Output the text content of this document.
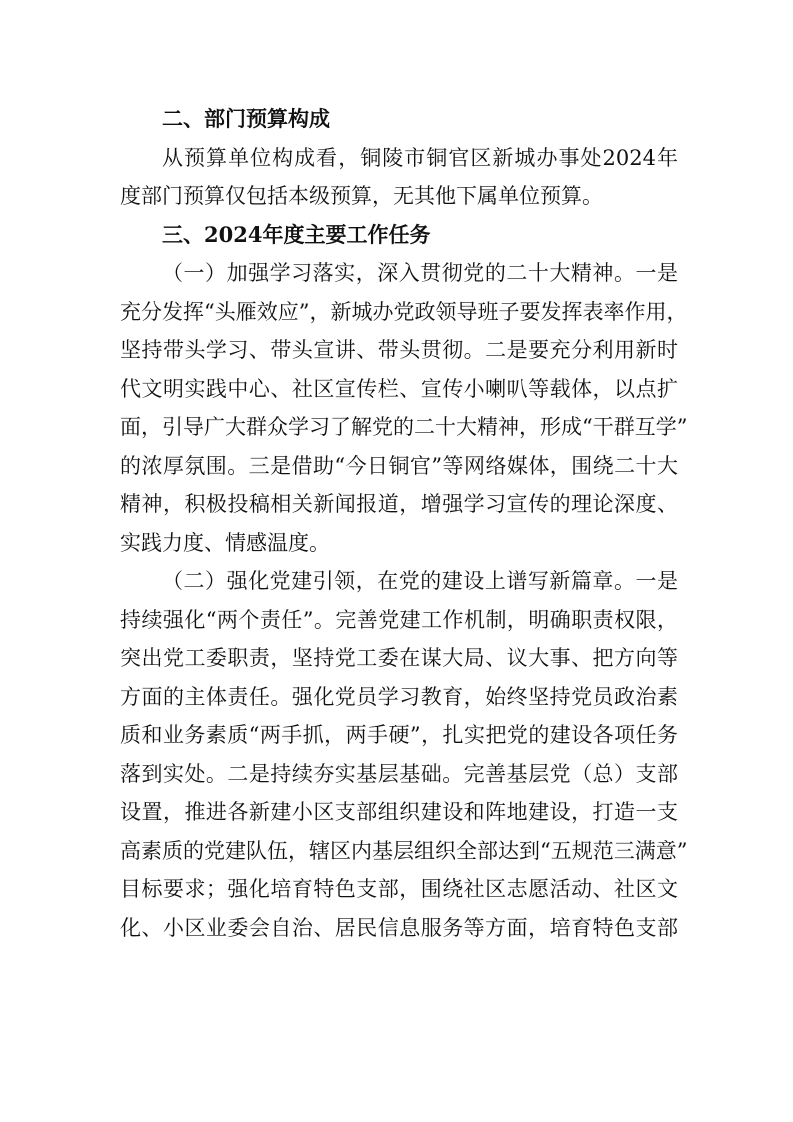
二、部门预算构成

从预算单位构成看，铜陵市铜官区新城办事处2024年

度部门预算仅包括本级预算，无其他下属单位预算。

三、2024年度主要工作任务

（一）加强学习落实，深入贯彻党的二十大精神。一是

充分发挥“头雁效应”，新城办党政领导班子要发挥表率作用，

坚持带头学习、带头宣讲、带头贯彻。二是要充分利用新时

代文明实践中心、社区宣传栏、宣传小喇叭等载体，以点扩

面，引导广大群众学习了解党的二十大精神，形成“干群互学”

的浓厚氛围。三是借助“今日铜官”等网络媒体，围绕二十大

精神，积极投稿相关新闻报道，增强学习宣传的理论深度、

实践力度、情感温度。

（二）强化党建引领，在党的建设上谱写新篇章。一是

持续强化“两个责任”。完善党建工作机制，明确职责权限，

突出党工委职责，坚持党工委在谋大局、议大事、把方向等

方面的主体责任。强化党员学习教育，始终坚持党员政治素

质和业务素质“两手抓，两手硬”，扎实把党的建设各项任务

落到实处。二是持续夯实基层基础。完善基层党（总）支部

设置，推进各新建小区支部组织建设和阵地建设，打造一支

高素质的党建队伍，辖区内基层组织全部达到“五规范三满意”

目标要求；强化培育特色支部，围绕社区志愿活动、社区文

化、小区业委会自治、居民信息服务等方面，培育特色支部
